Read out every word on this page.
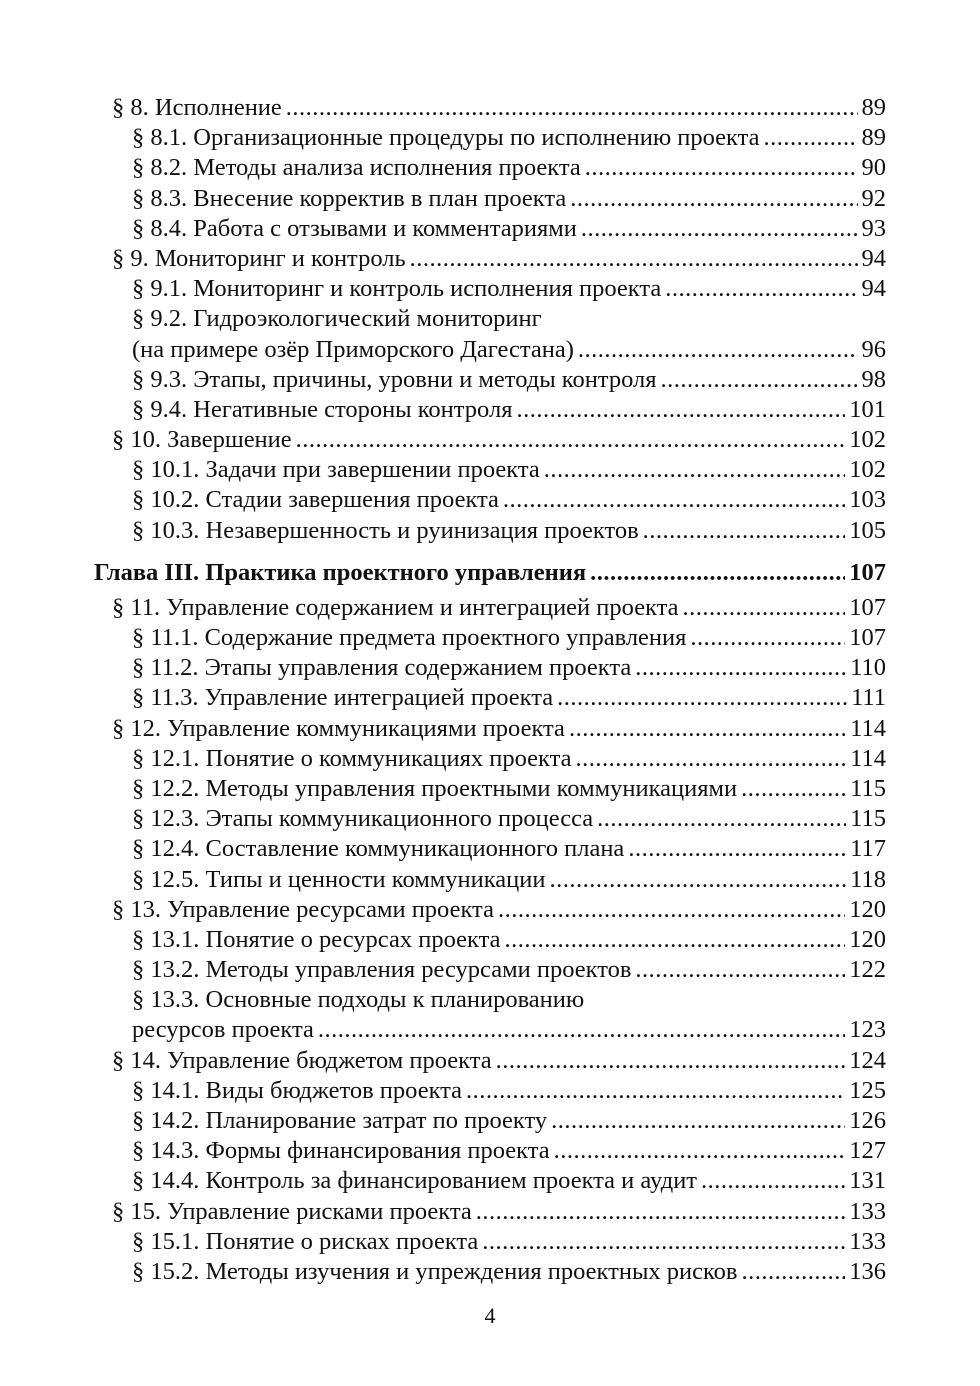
§ 8. Исполнение .....	89
§ 8.1. Организационные процедуры по исполнению проекта .....	89
§ 8.2. Методы анализа исполнения проекта .....	90
§ 8.3. Внесение корректив в план проекта .....	92
§ 8.4. Работа с отзывами и комментариями .....	93
§ 9. Мониторинг и контроль .....	94
§ 9.1. Мониторинг и контроль исполнения проекта .....	94
§ 9.2. Гидроэкологический мониторинг
(на примере озёр Приморского Дагестана) .....	96
§ 9.3. Этапы, причины, уровни и методы контроля .....	98
§ 9.4. Негативные стороны контроля .....	101
§ 10. Завершение .....	102
§ 10.1. Задачи при завершении проекта .....	102
§ 10.2. Стадии завершения проекта .....	103
§ 10.3. Незавершенность и руинизация проектов .....	105
Глава III. Практика проектного управления .....	107
§ 11. Управление содержанием и интеграцией проекта .....	107
§ 11.1. Содержание предмета проектного управления .....	107
§ 11.2. Этапы управления содержанием проекта .....	110
§ 11.3. Управление интеграцией проекта .....	111
§ 12. Управление коммуникациями проекта .....	114
§ 12.1. Понятие о коммуникациях проекта .....	114
§ 12.2. Методы управления проектными коммуникациями .....	115
§ 12.3. Этапы коммуникационного процесса .....	115
§ 12.4. Составление коммуникационного плана .....	117
§ 12.5. Типы и ценности коммуникации .....	118
§ 13. Управление ресурсами проекта .....	120
§ 13.1. Понятие о ресурсах проекта .....	120
§ 13.2. Методы управления ресурсами проектов .....	122
§ 13.3. Основные подходы к планированию
ресурсов проекта .....	123
§ 14. Управление бюджетом проекта .....	124
§ 14.1. Виды бюджетов проекта .....	125
§ 14.2. Планирование затрат по проекту .....	126
§ 14.3. Формы финансирования проекта .....	127
§ 14.4. Контроль за финансированием проекта и аудит .....	131
§ 15. Управление рисками проекта .....	133
§ 15.1. Понятие о рисках проекта .....	133
§ 15.2. Методы изучения и упреждения проектных рисков .....	136
4
